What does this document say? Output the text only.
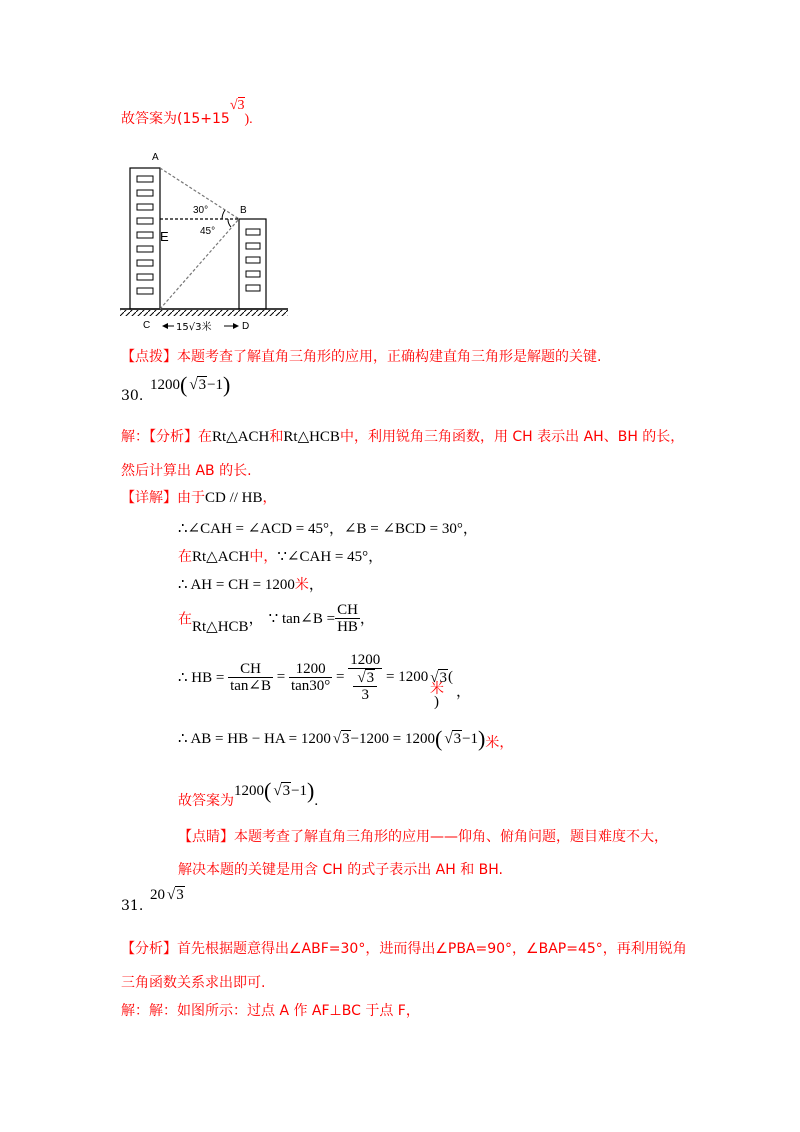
故答案为(15+15√3).
A
B
C	D
E
30°
45°
15√3米
【点拨】本题考查了解直角三角形的应用，正确构建直角三角形是解题的关键.
30.
1200(√ 3−1)
解：【分析】在Rt△ACH和Rt△HCB中，利用锐角三角函数，用 CH 表示出 AH、BH 的长，
然后计算出 AB 的长.
【详解】由于CD // HB，
∴∠CAH = ∠ACD = 45°，∠B = ∠BCD = 30°，
在Rt△ACH中，∵∠CAH = 45°，
∴ AH = CH = 1200米，
在Rt△HCB， ∵ tan∠B = $\frac{CH}{HB}$ ，
∴ HB = $\frac{CH}{\tan\angle B} = \frac{1200}{\tan 30^\circ} = 1200$
√ $\frac{3}{3} = 1200√$ 3(
米 ，
)
∴ AB = HB − HA = 1200√ 3−1200 = 1200(√ 3−1)米，
故答案为1200(√ 3−1).
【点睛】本题考查了解直角三角形的应用——仰角、俯角问题，题目难度不大，
解决本题的关键是用含 CH 的式子表示出 AH 和 BH.
31.
20√ 3
【分析】首先根据题意得出∠ABF=30°，进而得出∠PBA=90°，∠BAP=45°，再利用锐角
三角函数关系求出即可.
解：解：如图所示：过点 A 作 AF⊥BC 于点 F，
